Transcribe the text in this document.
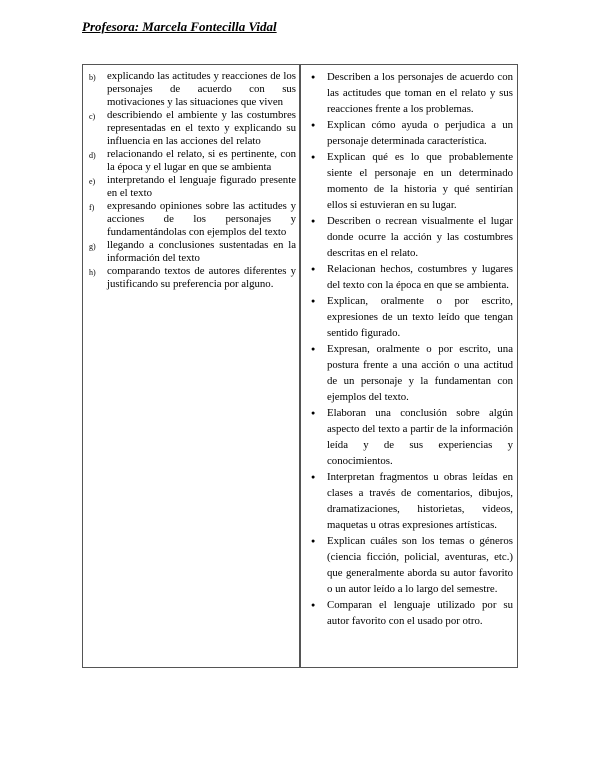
Profesora: Marcela Fontecilla Vidal
b) explicando las actitudes y reacciones de los personajes de acuerdo con sus motivaciones y las situaciones que viven
c) describiendo el ambiente y las costumbres representadas en el texto y explicando su influencia en las acciones del relato
d) relacionando el relato, si es pertinente, con la época y el lugar en que se ambienta
e) interpretando el lenguaje figurado presente en el texto
f) expresando opiniones sobre las actitudes y acciones de los personajes y fundamentándolas con ejemplos del texto
g) llegando a conclusiones sustentadas en la información del texto
h) comparando textos de autores diferentes y justificando su preferencia por alguno.
● Describen a los personajes de acuerdo con las actitudes que toman en el relato y sus reacciones frente a los problemas.
● Explican cómo ayuda o perjudica a un personaje determinada característica.
● Explican qué es lo que probablemente siente el personaje en un determinado momento de la historia y qué sentirían ellos si estuvieran en su lugar.
● Describen o recrean visualmente el lugar donde ocurre la acción y las costumbres descritas en el relato.
● Relacionan hechos, costumbres y lugares del texto con la época en que se ambienta.
● Explican, oralmente o por escrito, expresiones de un texto leído que tengan sentido figurado.
● Expresan, oralmente o por escrito, una postura frente a una acción o una actitud de un personaje y la fundamentan con ejemplos del texto.
● Elaboran una conclusión sobre algún aspecto del texto a partir de la información leída y de sus experiencias y conocimientos.
● Interpretan fragmentos u obras leídas en clases a través de comentarios, dibujos, dramatizaciones, historietas, videos, maquetas u otras expresiones artísticas.
● Explican cuáles son los temas o géneros (ciencia ficción, policial, aventuras, etc.) que generalmente aborda su autor favorito o un autor leído a lo largo del semestre.
● Comparan el lenguaje utilizado por su autor favorito con el usado por otro.
